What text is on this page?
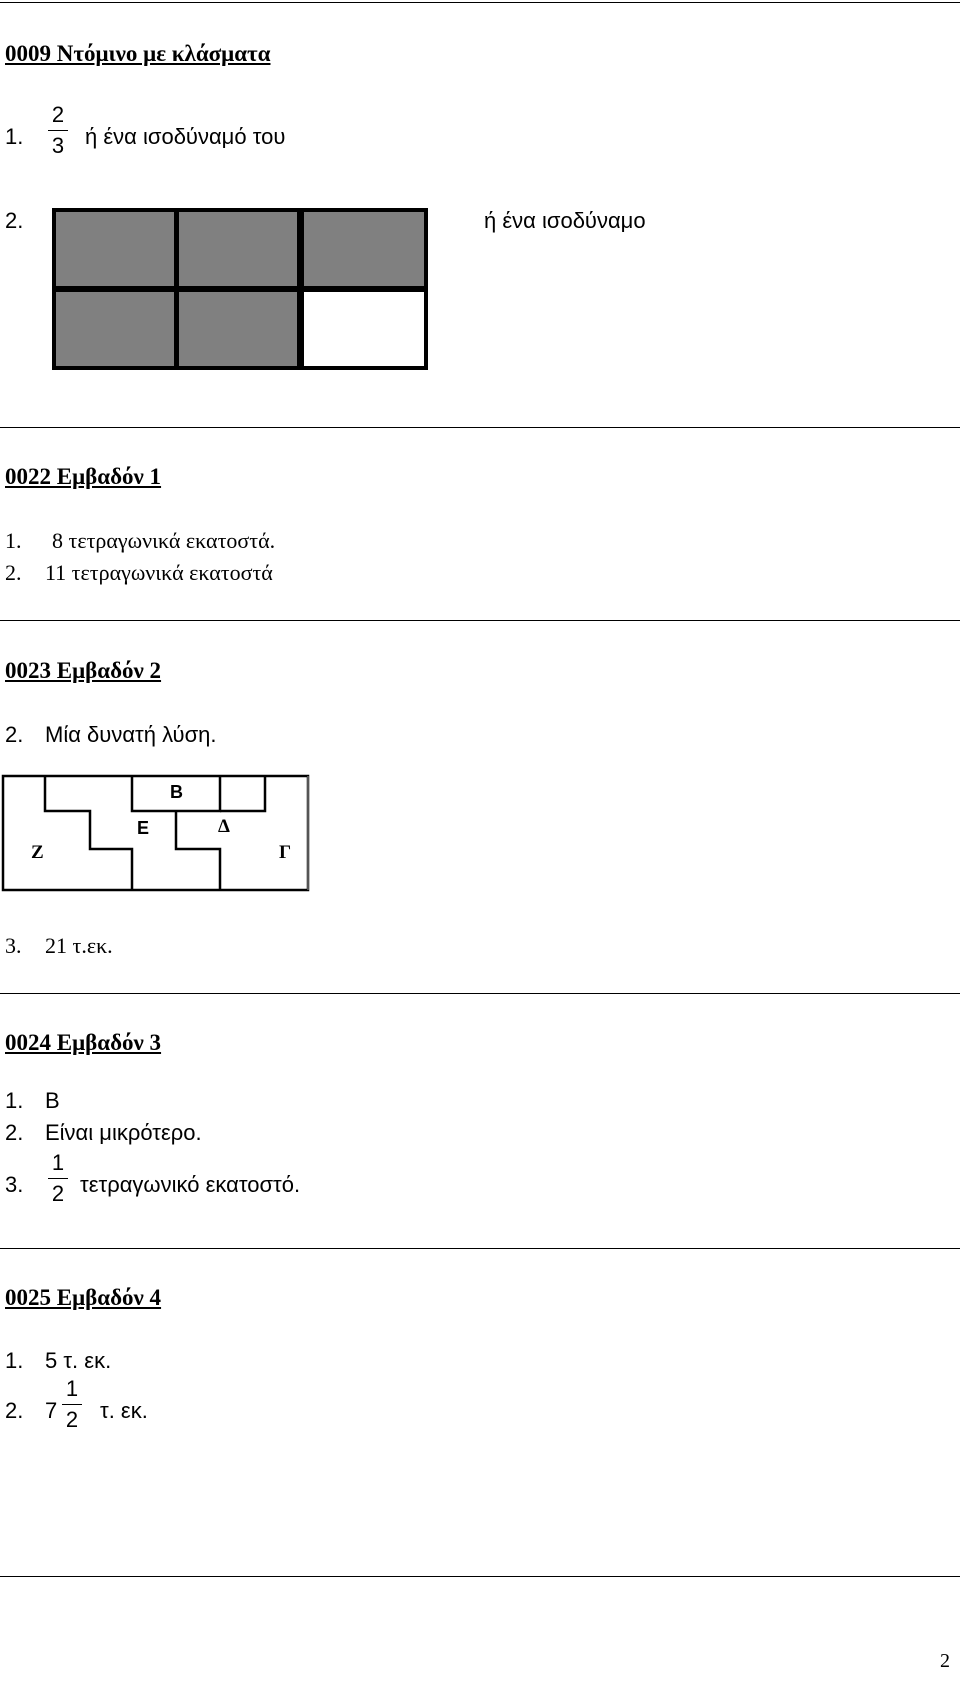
0009 Ντόμινο με κλάσματα
1.
2
3 ή ένα ισοδύναμό του
2.	ή ένα ισοδύναμο
0022 Εμβαδόν 1
1. 8 τετραγωνικά εκατοστά.
2. 11 τετραγωνικά εκατοστά
0023 Εμβαδόν 2
2. Μία δυνατή λύση.
B
E	Δ
Z	Γ
3. 21 τ.εκ.
0024 Εμβαδόν 3
1. B
2. Είναι μικρότερο.
3.
1
2 τετραγωνικό εκατοστό.
0025 Εμβαδόν 4
1. 5 τ. εκ.
2. 7
1
2 τ. εκ.
2
